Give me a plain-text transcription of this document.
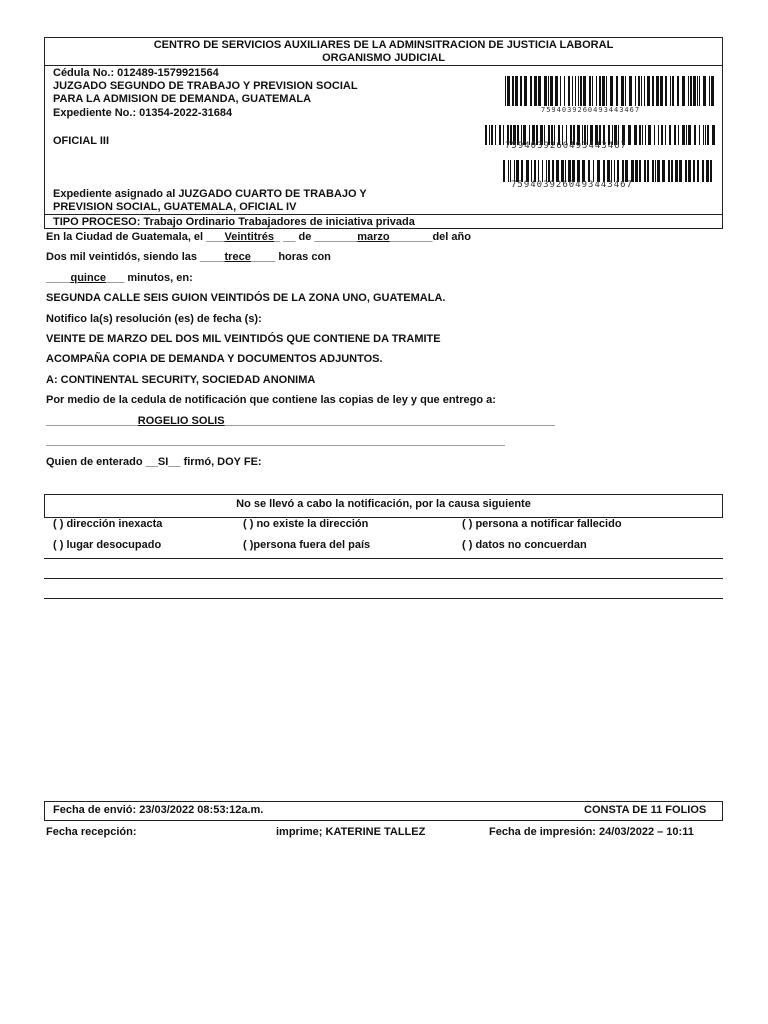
CENTRO DE SERVICIOS AUXILIARES DE LA ADMINSITRACION DE JUSTICIA LABORAL
ORGANISMO JUDICIAL
Cédula No.: 012489-1579921564
JUZGADO SEGUNDO DE TRABAJO Y PREVISION SOCIAL
PARA LA ADMISION DE DEMANDA, GUATEMALA
Expediente No.: 01354-2022-31684
OFICIAL III
Expediente asignado al JUZGADO CUARTO DE TRABAJO Y
PREVISION SOCIAL, GUATEMALA, OFICIAL IV
TIPO PROCESO: Trabajo Ordinario Trabajadores de iniciativa privada
7594039260493443467
7594039260493443467
7594039260493443467
En la Ciudad de Guatemala, el ___Veintitrés_ __ de _______marzo_______del año
Dos mil veintidós, siendo las ____trece____ horas con
____quince___ minutos, en:
SEGUNDA CALLE SEIS GUION VEINTIDÓS DE LA ZONA UNO, GUATEMALA.
Notifico la(s) resolución (es) de fecha (s):
VEINTE DE MARZO DEL DOS MIL VEINTIDÓS QUE CONTIENE DA TRAMITE
ACOMPAÑA COPIA DE DEMANDA Y DOCUMENTOS ADJUNTOS.
A: CONTINENTAL SECURITY, SOCIEDAD ANONIMA
Por medio de la cedula de notificación que contiene las copias de ley y que entrego a:
_______________ROGELIO SOLIS______________________________________________________
___________________________________________________________________________
Quien de enterado __SI__ firmó, DOY FE:
No se llevó a cabo la notificación, por la causa siguiente
( ) dirección inexacta	( ) no existe la dirección	( ) persona a notificar fallecido
( ) lugar desocupado	( )persona fuera del país	( ) datos no concuerdan
Fecha de envió: 23/03/2022 08:53:12a.m.	CONSTA DE 11 FOLIOS
Fecha recepción:	imprime; KATERINE TALLEZ	Fecha de impresión: 24/03/2022 – 10:11
